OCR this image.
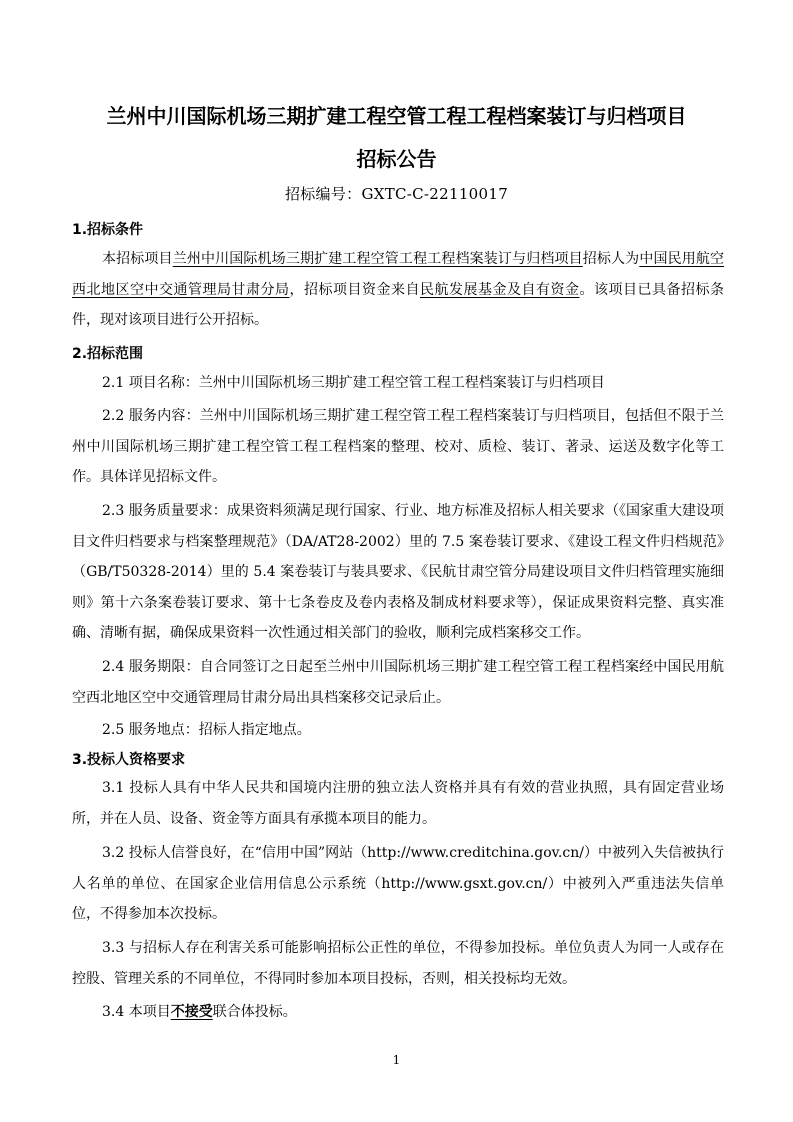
兰州中川国际机场三期扩建工程空管工程工程档案装订与归档项目
招标公告
招标编号：GXTC-C-22110017
1.招标条件
本招标项目兰州中川国际机场三期扩建工程空管工程工程档案装订与归档项目招标人为中国民用航空西北地区空中交通管理局甘肃分局，招标项目资金来自民航发展基金及自有资金。该项目已具备招标条件，现对该项目进行公开招标。
2.招标范围
2.1 项目名称：兰州中川国际机场三期扩建工程空管工程工程档案装订与归档项目
2.2 服务内容：兰州中川国际机场三期扩建工程空管工程工程档案装订与归档项目，包括但不限于兰州中川国际机场三期扩建工程空管工程工程档案的整理、校对、质检、装订、著录、运送及数字化等工作。具体详见招标文件。
2.3 服务质量要求：成果资料须满足现行国家、行业、地方标准及招标人相关要求（《国家重大建设项目文件归档要求与档案整理规范》（DA/AT28-2002）里的 7.5 案卷装订要求、《建设工程文件归档规范》（GB/T50328-2014）里的 5.4 案卷装订与装具要求、《民航甘肃空管分局建设项目文件归档管理实施细则》第十六条案卷装订要求、第十七条卷皮及卷内表格及制成材料要求等），保证成果资料完整、真实准确、清晰有据，确保成果资料一次性通过相关部门的验收，顺利完成档案移交工作。
2.4 服务期限：自合同签订之日起至兰州中川国际机场三期扩建工程空管工程工程档案经中国民用航空西北地区空中交通管理局甘肃分局出具档案移交记录后止。
2.5 服务地点：招标人指定地点。
3.投标人资格要求
3.1 投标人具有中华人民共和国境内注册的独立法人资格并具有有效的营业执照，具有固定营业场所，并在人员、设备、资金等方面具有承揽本项目的能力。
3.2 投标人信誉良好，在“信用中国”网站（http://www.creditchina.gov.cn/）中被列入失信被执行人名单的单位、在国家企业信用信息公示系统（http://www.gsxt.gov.cn/）中被列入严重违法失信单位，不得参加本次投标。
3.3 与招标人存在利害关系可能影响招标公正性的单位，不得参加投标。单位负责人为同一人或存在控股、管理关系的不同单位，不得同时参加本项目投标，否则，相关投标均无效。
3.4 本项目不接受联合体投标。
1
